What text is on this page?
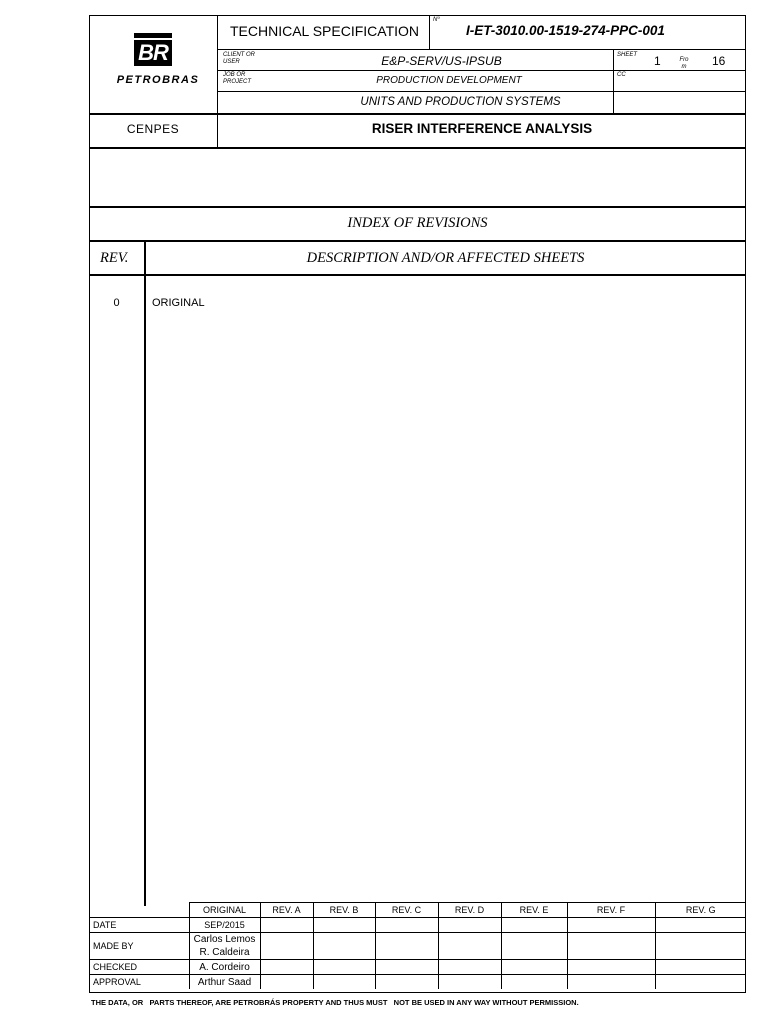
BR
PETROBRAS
TECHNICAL SPECIFICATION
Nº
I-ET-3010.00-1519-274-PPC-001
CLIENT OR USER	E&P-SERV/US-IPSUB	SHEET 1	Fro m	16
JOB OR PROJECT	PRODUCTION DEVELOPMENT	CC
UNITS AND PRODUCTION SYSTEMS
CENPES	RISER INTERFERENCE ANALYSIS
INDEX OF REVISIONS
REV.	DESCRIPTION AND/OR AFFECTED SHEETS
0	ORIGINAL
	ORIGINAL	REV. A	REV. B	REV. C	REV. D	REV. E	REV. F	REV. G
DATE	SEP/2015							
MADE BY	Carlos Lemos
R. Caldeira							

CHECKED	A. Cordeiro							
APPROVAL	Arthur Saad							
THE DATA, OR   PARTS THEREOF, ARE PETROBRÁS PROPERTY AND THUS MUST   NOT BE USED IN ANY WAY WITHOUT PERMISSION.
